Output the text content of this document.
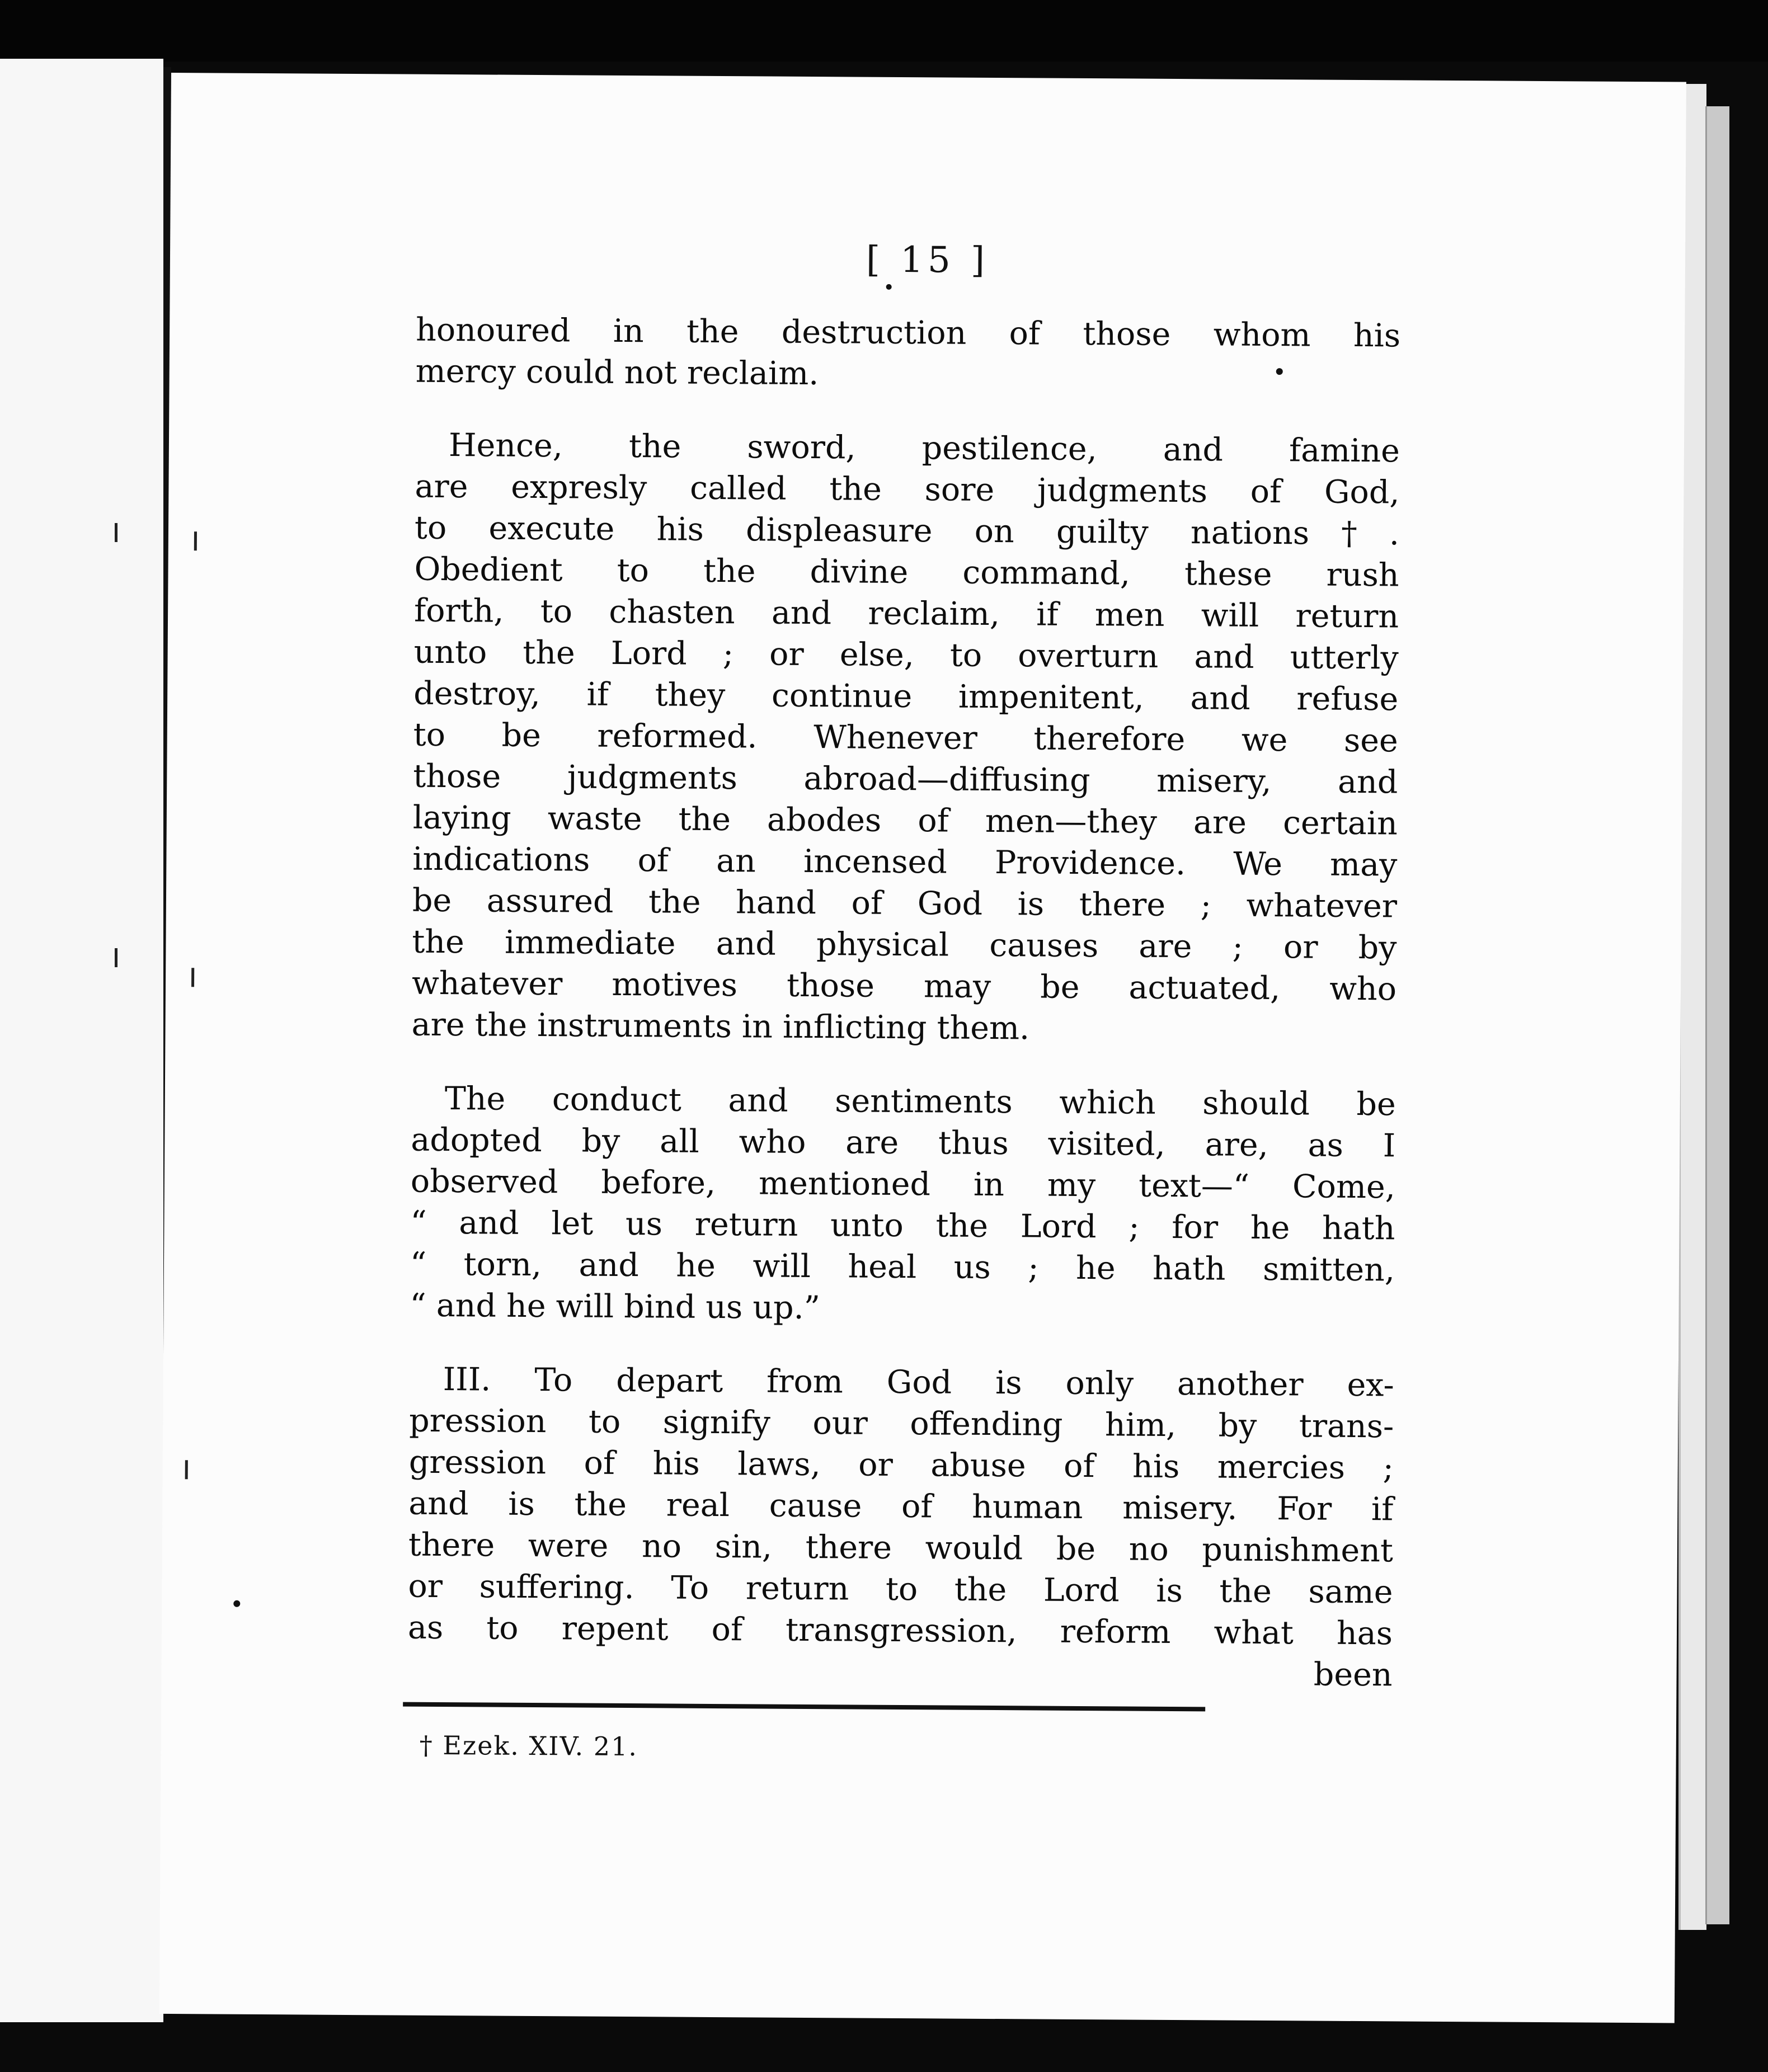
[ 15 ]
honoured in the destruction of those whom his
mercy could not reclaim.
Hence, the sword, pestilence, and famine
are expresly called the sore judgments of God,
to execute his displeasure on guilty nations†.
Obedient to the divine command, these rush
forth, to chasten and reclaim, if men will return
unto the Lord ; or else, to overturn and utterly
destroy, if they continue impenitent, and refuse
to be reformed. Whenever therefore we see
those judgments abroad—diffusing misery, and
laying waste the abodes of men—they are certain
indications of an incensed Providence. We may
be assured the hand of God is there ; whatever
the immediate and physical causes are ; or by
whatever motives those may be actuated, who
are the instruments in inflicting them.
The conduct and sentiments which should be
adopted by all who are thus visited, are, as I
observed before, mentioned in my text—“ Come,
“ and let us return unto the Lord ; for he hath
“ torn, and he will heal us ; he hath smitten,
“ and he will bind us up.”
III. To depart from God is only another ex-
pression to signify our offending him, by trans-
gression of his laws, or abuse of his mercies ;
and is the real cause of human misery. For if
there were no sin, there would be no punishment
or suffering. To return to the Lord is the same
as to repent of transgression, reform what has
been
† Ezek. XIV. 21.
